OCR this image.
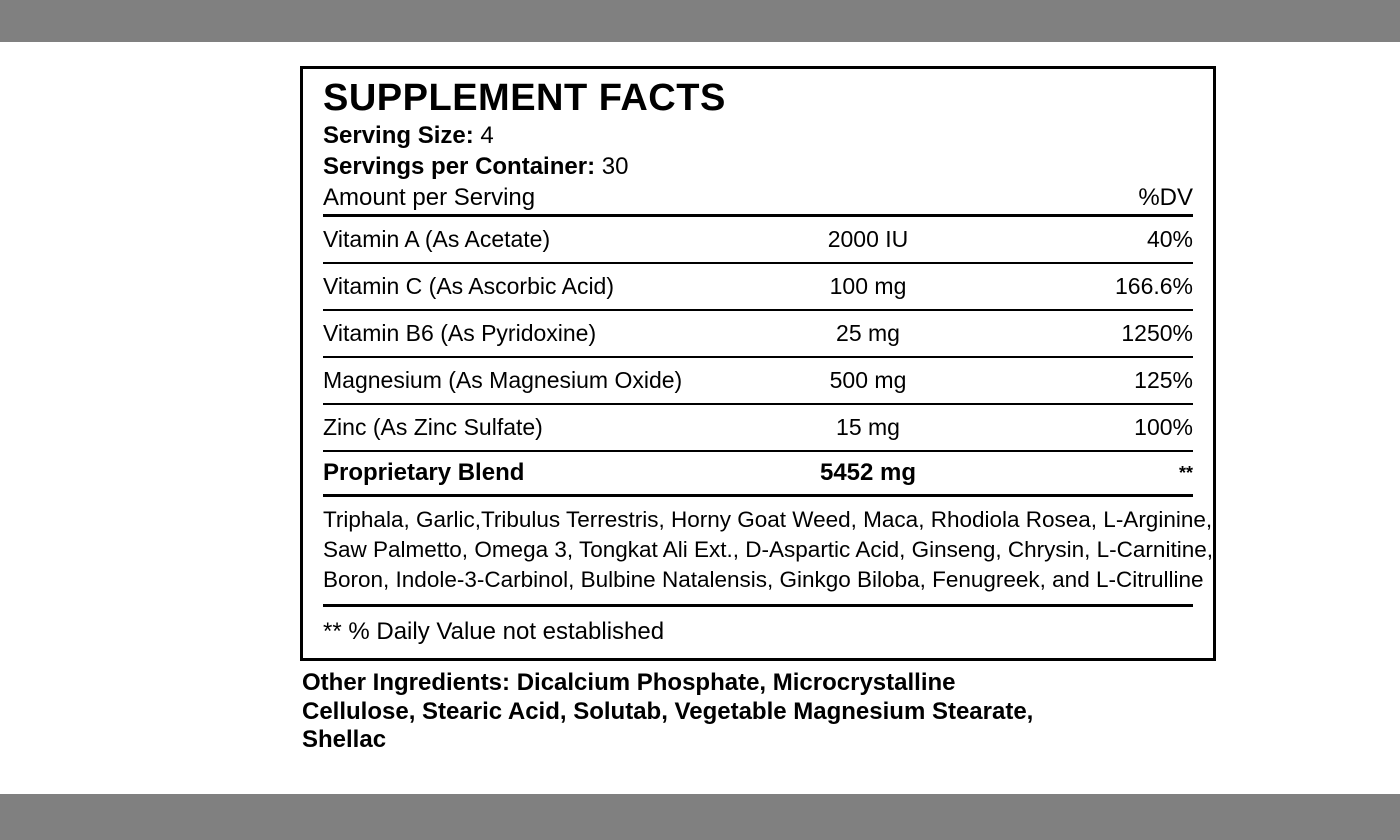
SUPPLEMENT FACTS
Serving Size: 4
Servings per Container: 30
Amount per Serving	%DV
Vitamin A (As Acetate)	2000 IU	40%
Vitamin C (As Ascorbic Acid)	100 mg	166.6%
Vitamin B6 (As Pyridoxine)	25 mg	1250%
Magnesium (As Magnesium Oxide)	500 mg	125%
Zinc (As Zinc Sulfate)	15 mg	100%
Proprietary Blend	5452 mg	**
Triphala, Garlic,Tribulus Terrestris, Horny Goat Weed, Maca, Rhodiola Rosea, L-Arginine,
Saw Palmetto, Omega 3, Tongkat Ali Ext., D-Aspartic Acid, Ginseng, Chrysin, L-Carnitine,
Boron, Indole-3-Carbinol, Bulbine Natalensis, Ginkgo Biloba, Fenugreek, and L-Citrulline
** % Daily Value not established
Other Ingredients: Dicalcium Phosphate, Microcrystalline
Cellulose, Stearic Acid, Solutab, Vegetable Magnesium Stearate,
Shellac
